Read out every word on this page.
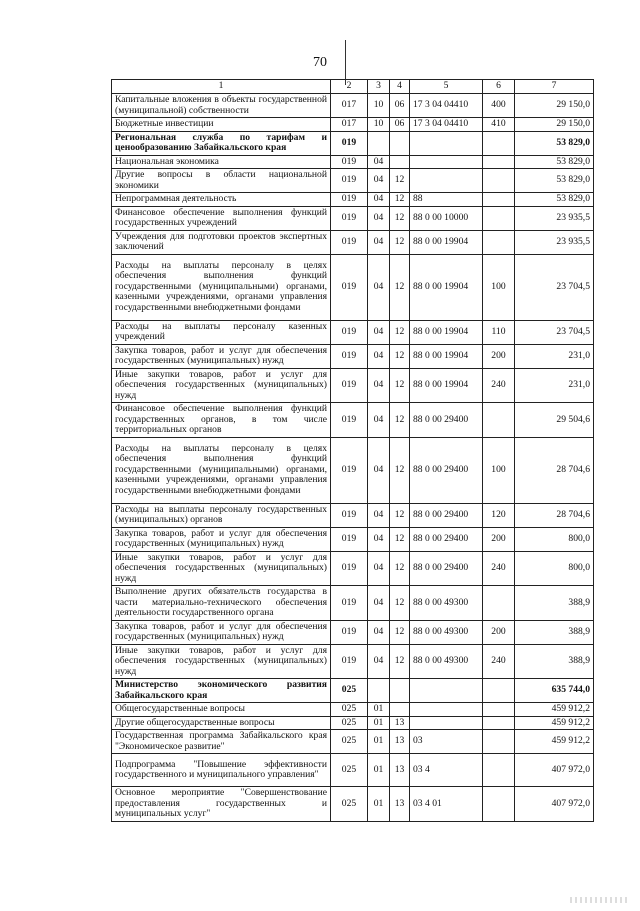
70
1	2	3	4	5	6	7
Капитальные вложения в объекты государственной (муниципальной) собственности	017	10	06	17 3 04 04410	400	29 150,0
Бюджетные инвестиции	017	10	06	17 3 04 04410	410	29 150,0
Региональная служба по тарифам и ценообразованию Забайкальского края	019					53 829,0
Национальная экономика	019	04				53 829,0
Другие вопросы в области национальной экономики	019	04	12			53 829,0
Непрограммная деятельность	019	04	12	88		53 829,0
Финансовое обеспечение выполнения функций государственных учреждений	019	04	12	88 0 00 10000		23 935,5
Учреждения для подготовки проектов экспертных заключений	019	04	12	88 0 00 19904		23 935,5
Расходы на выплаты персоналу в целях обеспечения выполнения функций государственными (муниципальными) органами, казенными учреждениями, органами управления государственными внебюджетными фондами	019	04	12	88 0 00 19904	100	23 704,5
Расходы на выплаты персоналу казенных учреждений	019	04	12	88 0 00 19904	110	23 704,5
Закупка товаров, работ и услуг для обеспечения государственных (муниципальных) нужд	019	04	12	88 0 00 19904	200	231,0
Иные закупки товаров, работ и услуг для обеспечения государственных (муниципальных) нужд	019	04	12	88 0 00 19904	240	231,0
Финансовое обеспечение выполнения функций государственных органов, в том числе территориальных органов	019	04	12	88 0 00 29400		29 504,6
Расходы на выплаты персоналу в целях обеспечения выполнения функций государственными (муниципальными) органами, казенными учреждениями, органами управления государственными внебюджетными фондами	019	04	12	88 0 00 29400	100	28 704,6
Расходы на выплаты персоналу государственных (муниципальных) органов	019	04	12	88 0 00 29400	120	28 704,6
Закупка товаров, работ и услуг для обеспечения государственных (муниципальных) нужд	019	04	12	88 0 00 29400	200	800,0
Иные закупки товаров, работ и услуг для обеспечения государственных (муниципальных) нужд	019	04	12	88 0 00 29400	240	800,0
Выполнение других обязательств государства в части материально-технического обеспечения деятельности государственного органа	019	04	12	88 0 00 49300		388,9
Закупка товаров, работ и услуг для обеспечения государственных (муниципальных) нужд	019	04	12	88 0 00 49300	200	388,9
Иные закупки товаров, работ и услуг для обеспечения государственных (муниципальных) нужд	019	04	12	88 0 00 49300	240	388,9
Министерство экономического развития Забайкальского края	025					635 744,0
Общегосударственные вопросы	025	01				459 912,2
Другие общегосударственные вопросы	025	01	13			459 912,2
Государственная программа Забайкальского края "Экономическое развитие"	025	01	13	03		459 912,2
Подпрограмма "Повышение эффективности государственного и муниципального управления"	025	01	13	03 4		407 972,0
Основное мероприятие "Совершенствование предоставления государственных и муниципальных услуг"	025	01	13	03 4 01		407 972,0
